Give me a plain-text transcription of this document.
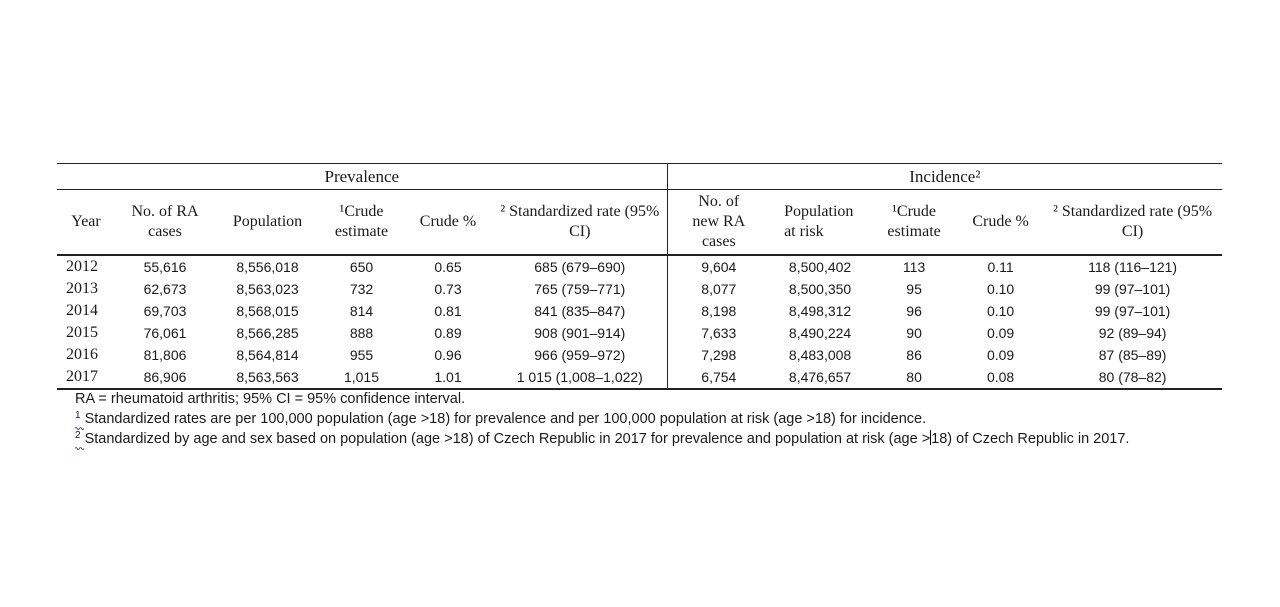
Prevalence						Incidence²				
Year	No. of RA cases	Population	¹Crude estimate	Crude %	² Standardized rate (95% CI)	No. of new RA cases	Population at risk	¹Crude estimate	Crude %	² Standardized rate (95% CI)
2012	55,616	8,556,018	650	0.65	685 (679–690)	9,604	8,500,402	113	0.11	118 (116–121)
2013	62,673	8,563,023	732	0.73	765 (759–771)	8,077	8,500,350	95	0.10	99 (97–101)
2014	69,703	8,568,015	814	0.81	841 (835–847)	8,198	8,498,312	96	0.10	99 (97–101)
2015	76,061	8,566,285	888	0.89	908 (901–914)	7,633	8,490,224	90	0.09	92 (89–94)
2016	81,806	8,564,814	955	0.96	966 (959–972)	7,298	8,483,008	86	0.09	87 (85–89)
2017	86,906	8,563,563	1,015	1.01	1 015 (1,008–1,022)	6,754	8,476,657	80	0.08	80 (78–82)
RA = rheumatoid arthritis; 95% CI = 95% confidence interval.
$^1$ Standardized rates are per 100,000 population (age >18) for prevalence and per 100,000 population at risk (age >18) for incidence.
$^2$ Standardized by age and sex based on population (age >18) of Czech Republic in 2017 for prevalence and population at risk (age >18) of Czech Republic in 2017.
